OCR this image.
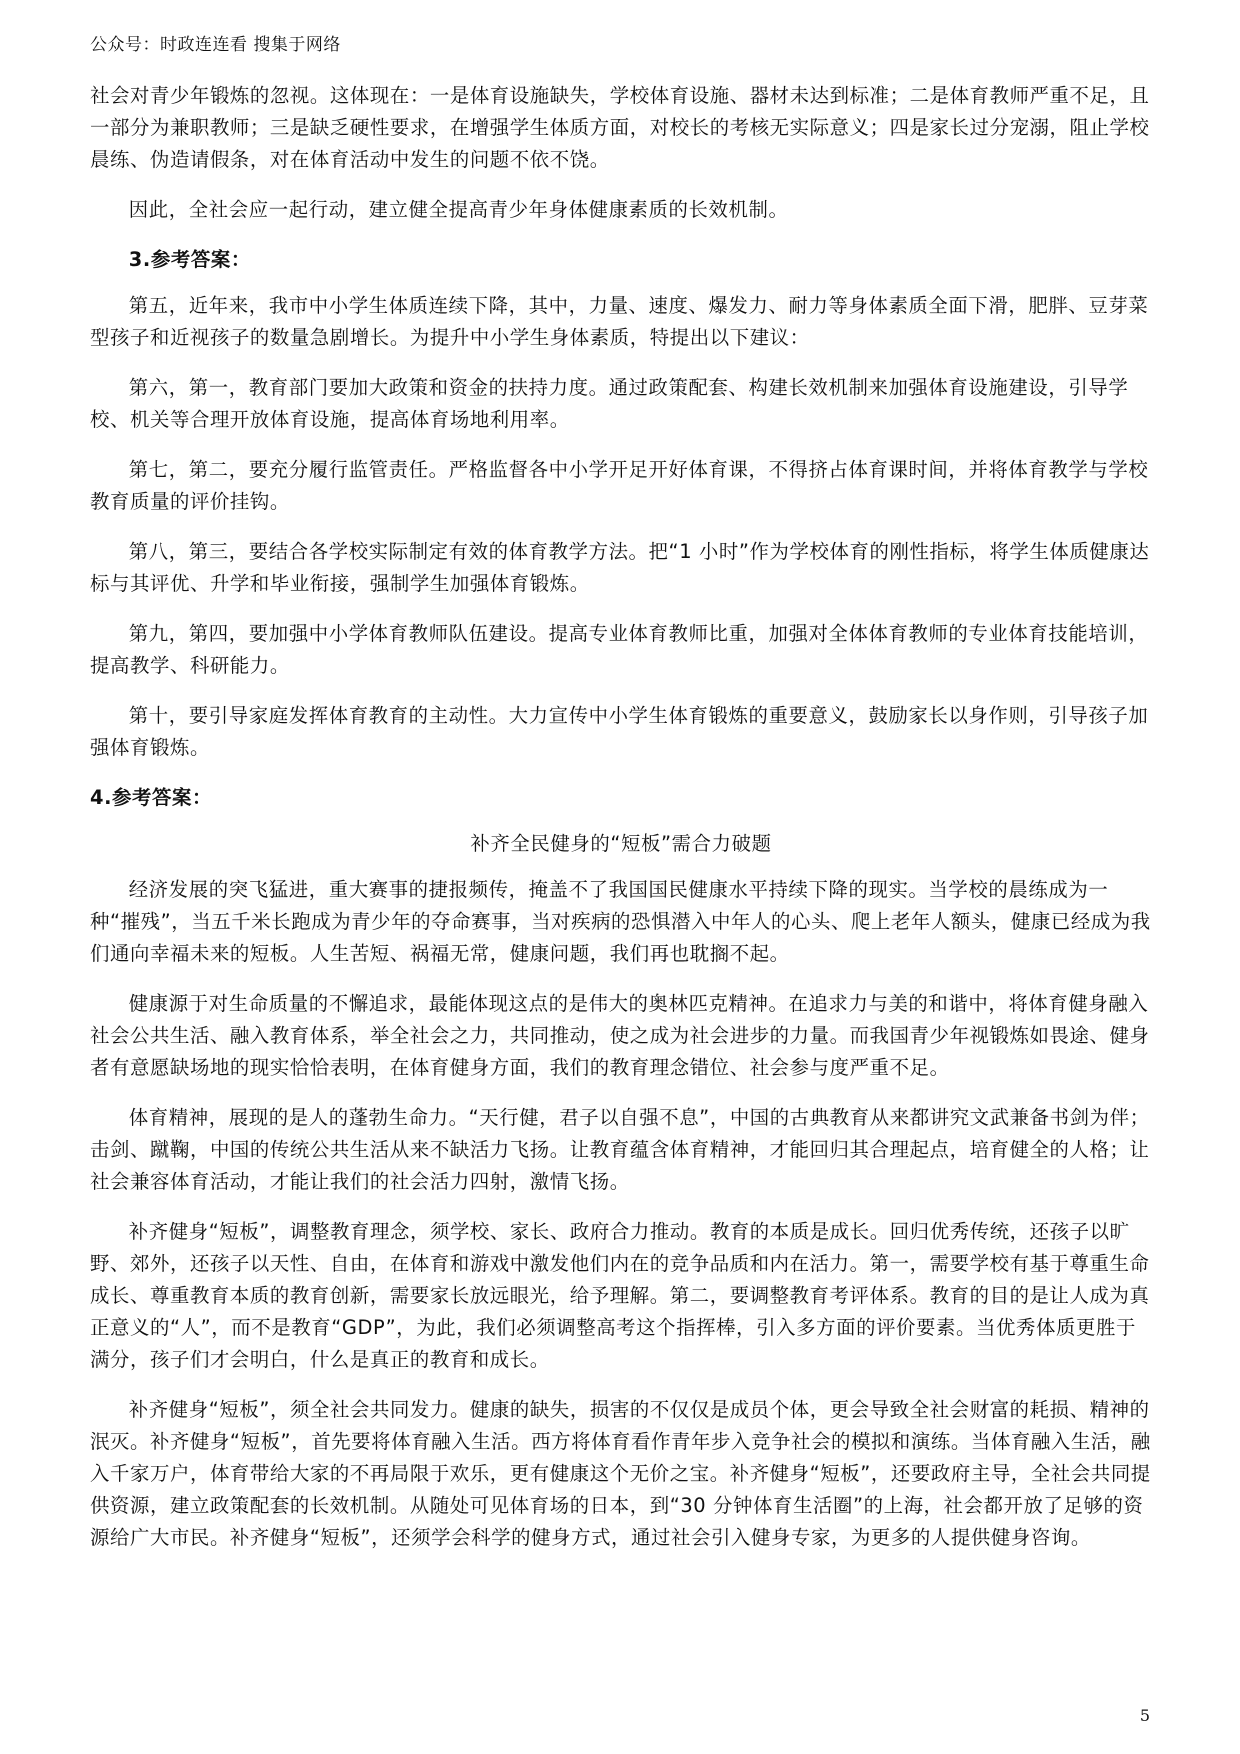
公众号：时政连连看 搜集于网络

社会对青少年锻炼的忽视。这体现在：一是体育设施缺失，学校体育设施、器材未达到标准；二是体育教师严重不足，且一部分为兼职教师；三是缺乏硬性要求，在增强学生体质方面，对校长的考核无实际意义；四是家长过分宠溺，阻止学校晨练、伪造请假条，对在体育活动中发生的问题不依不饶。

因此，全社会应一起行动，建立健全提高青少年身体健康素质的长效机制。

3.参考答案：

第五，近年来，我市中小学生体质连续下降，其中，力量、速度、爆发力、耐力等身体素质全面下滑，肥胖、豆芽菜型孩子和近视孩子的数量急剧增长。为提升中小学生身体素质，特提出以下建议：

第六，第一，教育部门要加大政策和资金的扶持力度。通过政策配套、构建长效机制来加强体育设施建设，引导学校、机关等合理开放体育设施，提高体育场地利用率。

第七，第二，要充分履行监管责任。严格监督各中小学开足开好体育课，不得挤占体育课时间，并将体育教学与学校教育质量的评价挂钩。

第八，第三，要结合各学校实际制定有效的体育教学方法。把“1 小时”作为学校体育的刚性指标，将学生体质健康达标与其评优、升学和毕业衔接，强制学生加强体育锻炼。

第九，第四，要加强中小学体育教师队伍建设。提高专业体育教师比重，加强对全体体育教师的专业体育技能培训，提高教学、科研能力。

第十，要引导家庭发挥体育教育的主动性。大力宣传中小学生体育锻炼的重要意义，鼓励家长以身作则，引导孩子加强体育锻炼。

4.参考答案：

补齐全民健身的“短板”需合力破题

经济发展的突飞猛进，重大赛事的捷报频传，掩盖不了我国国民健康水平持续下降的现实。当学校的晨练成为一种“摧残”，当五千米长跑成为青少年的夺命赛事，当对疾病的恐惧潜入中年人的心头、爬上老年人额头，健康已经成为我们通向幸福未来的短板。人生苦短、祸福无常，健康问题，我们再也耽搁不起。

健康源于对生命质量的不懈追求，最能体现这点的是伟大的奥林匹克精神。在追求力与美的和谐中，将体育健身融入社会公共生活、融入教育体系，举全社会之力，共同推动，使之成为社会进步的力量。而我国青少年视锻炼如畏途、健身者有意愿缺场地的现实恰恰表明，在体育健身方面，我们的教育理念错位、社会参与度严重不足。

体育精神，展现的是人的蓬勃生命力。“天行健，君子以自强不息”，中国的古典教育从来都讲究文武兼备书剑为伴；击剑、蹴鞠，中国的传统公共生活从来不缺活力飞扬。让教育蕴含体育精神，才能回归其合理起点，培育健全的人格；让社会兼容体育活动，才能让我们的社会活力四射，激情飞扬。

补齐健身“短板”，调整教育理念，须学校、家长、政府合力推动。教育的本质是成长。回归优秀传统，还孩子以旷野、郊外，还孩子以天性、自由，在体育和游戏中激发他们内在的竞争品质和内在活力。第一，需要学校有基于尊重生命成长、尊重教育本质的教育创新，需要家长放远眼光，给予理解。第二，要调整教育考评体系。教育的目的是让人成为真正意义的“人”，而不是教育“GDP”，为此，我们必须调整高考这个指挥棒，引入多方面的评价要素。当优秀体质更胜于满分，孩子们才会明白，什么是真正的教育和成长。

补齐健身“短板”，须全社会共同发力。健康的缺失，损害的不仅仅是成员个体，更会导致全社会财富的耗损、精神的泯灭。补齐健身“短板”，首先要将体育融入生活。西方将体育看作青年步入竞争社会的模拟和演练。当体育融入生活，融入千家万户，体育带给大家的不再局限于欢乐，更有健康这个无价之宝。补齐健身“短板”，还要政府主导，全社会共同提供资源，建立政策配套的长效机制。从随处可见体育场的日本，到“30 分钟体育生活圈”的上海，社会都开放了足够的资源给广大市民。补齐健身“短板”，还须学会科学的健身方式，通过社会引入健身专家，为更多的人提供健身咨询。

5
